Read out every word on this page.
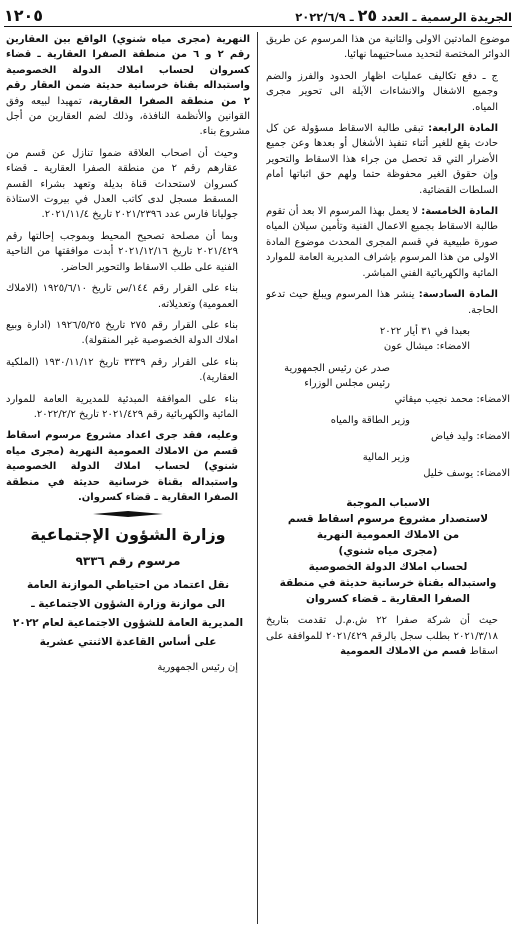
الجريدة الرسمية ـ العدد ٢٥ ـ ٢٠٢٢/٦/٩
١٢٠٥

موضوع المادتين الاولى والثانية من هذا المرسوم عن طريق الدوائر المختصة لتحديد مساحتيهما نهائيا.

ج ـ دفع تكاليف عمليات اظهار الحدود والفرز والضم وجميع الاشغال والانشاءات الآيلة الى تحوير مجرى المياه.

المادة الرابعة: تبقى طالبة الاسقاط مسؤولة عن كل حادث يقع للغير أثناء تنفيذ الأشغال أو بعدها وعن جميع الأضرار التي قد تحصل من جراء هذا الاسقاط والتحوير وإن حقوق الغير محفوظة حتما ولهم حق اثباتها أمام السلطات القضائية.

المادة الخامسة: لا يعمل بهذا المرسوم الا بعد أن تقوم طالبة الاسقاط بجميع الاعمال الفنية وتأمين سيلان المياه صورة طبيعية في قسم المجرى المحدث موضوع المادة الاولى من هذا المرسوم بإشراف المديرية العامة للموارد المائية والكهربائية الفني المباشر.

المادة السادسة: ينشر هذا المرسوم ويبلغ حيث تدعو الحاجة.

بعبدا في ٣١ أيار ٢٠٢٢
الامضاء: ميشال عون
صدر عن رئيس الجمهورية
رئيس مجلس الوزراء
الامضاء: محمد نجيب ميقاتي
وزير الطاقة والمياه
الامضاء: وليد فياض
وزير المالية
الامضاء: يوسف خليل

الاسباب الموجبة

لاستصدار مشروع مرسوم اسقاط قسم

من الاملاك العمومية النهرية

(مجرى مياه شنوي)

لحساب املاك الدولة الخصوصية

واستبداله بقناة خرسانية حديثة في منطقة

الصفرا العقارية ـ قضاء كسروان

حيث أن شركة صفرا ٢٢ ش.م.ل تقدمت بتاريخ ٢٠٢١/٣/١٨ بطلب سجل بالرقم ٢٠٢١/٤٢٩ للموافقة على اسقاط قسم من الاملاك العمومية

النهرية (مجرى مياه شنوي) الواقع بين العقارين رقم ٢ و ٦ من منطقة الصفرا العقارية ـ قضاء كسروان لحساب املاك الدولة الخصوصية واستبداله بقناة خرسانية حديثة ضمن العقار رقم ٢ من منطقة الصفرا العقارية، تمهيدا لبيعه وفق القوانين والأنظمة النافذة، وذلك لضم العقارين من أجل مشروع بناء.

وحيث أن اصحاب العلاقة ضموا تنازل عن قسم من عقارهم رقم ٢ من منطقة الصفرا العقارية ـ قضاء كسروان لاستحداث قناة بديلة وتعهد بشراء القسم المسقط مسجل لدى كاتب العدل في بيروت الاستاذة جوليانا فارس عدد ٢٠٢١/٢٣٩٦ تاريخ ٢٠٢١/١١/٤.

وبما أن مصلحة تصحيح المحيط وبموجب إحالتها رقم ٢٠٢١/٤٢٩ تاريخ ٢٠٢١/١٢/١٦ أبدت موافقتها من الناحية الفنية على طلب الاسقاط والتحوير الحاضر.

بناء على القرار رقم ١٤٤/س تاريخ ١٩٢٥/٦/١٠ (الاملاك العمومية) وتعديلاته.

بناء على القرار رقم ٢٧٥ تاريخ ١٩٢٦/٥/٢٥ (ادارة وبيع املاك الدولة الخصوصية غير المنقولة).

بناء على القرار رقم ٣٣٣٩ تاريخ ١٩٣٠/١١/١٢ (الملكية العقارية).

بناء على الموافقة المبدئية للمديرية العامة للموارد المائية والكهربائية رقم ٢٠٢١/٤٢٩ تاريخ ٢٠٢٢/٢/٢.

وعليه، فقد جرى اعداد مشروع مرسوم اسقاط قسم من الاملاك العمومية النهرية (مجرى مياه شنوي) لحساب املاك الدولة الخصوصية واستبداله بقناة خرسانية حديثة في منطقة الصفرا العقارية ـ قضاء كسروان.

وزارة الشؤون الإجتماعية
مرسوم رقم ٩٣٣٦
نقل اعتماد من احتياطي الموازنة العامة
الى موازنة وزارة الشؤون الاجتماعية ـ
المديرية العامة للشؤون الاجتماعية لعام ٢٠٢٢
على أساس القاعدة الاثنتي عشرية

إن رئيس الجمهورية
